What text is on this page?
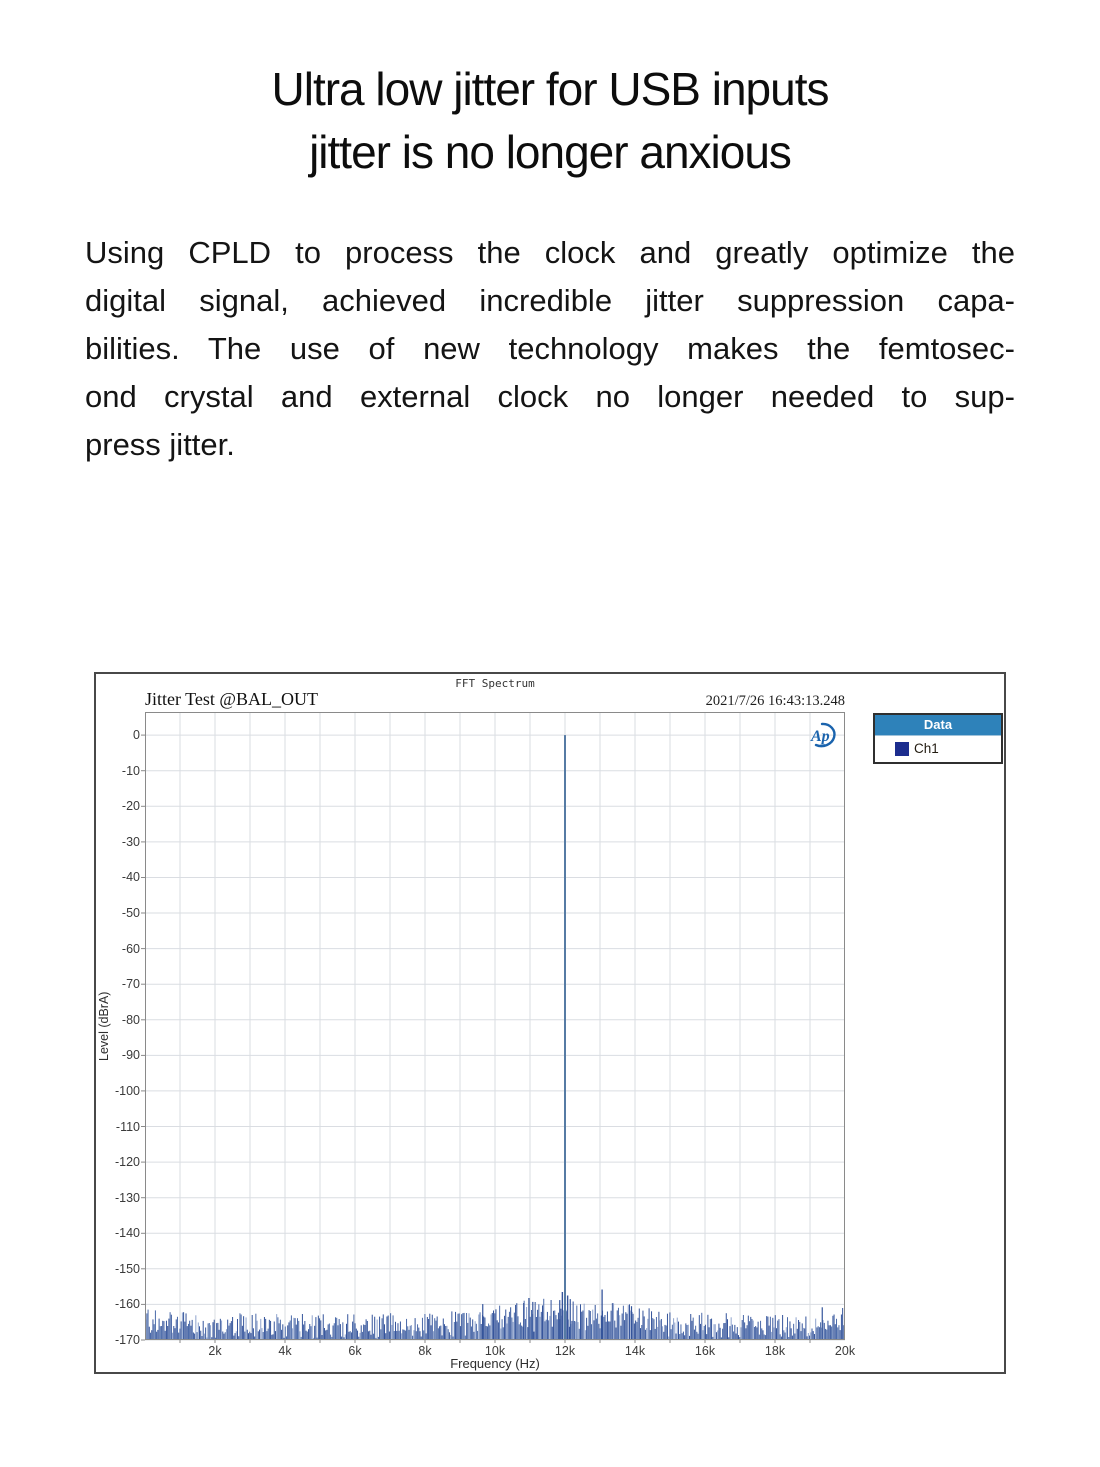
Ultra low jitter for USB inputs
jitter is no longer anxious
Using CPLD to process the clock and greatly optimize the
digital signal, achieved incredible jitter suppression capa-
bilities. The use of new technology makes the femtosec-
ond crystal and external clock no longer needed to sup-
press jitter.
FFT Spectrum
Jitter Test @BAL_OUT	2021/7/26 16:43:13.248
Level (dBrA)
0
-10
-20
-30
-40
-50
-60
-70
-80
-90
-100
-110
-120
-130
-140
-150
-160
-170
2k	4k	6k	8k	10k	12k	14k	16k	18k	20k
Frequency (Hz)
Ap
Data
Ch1
